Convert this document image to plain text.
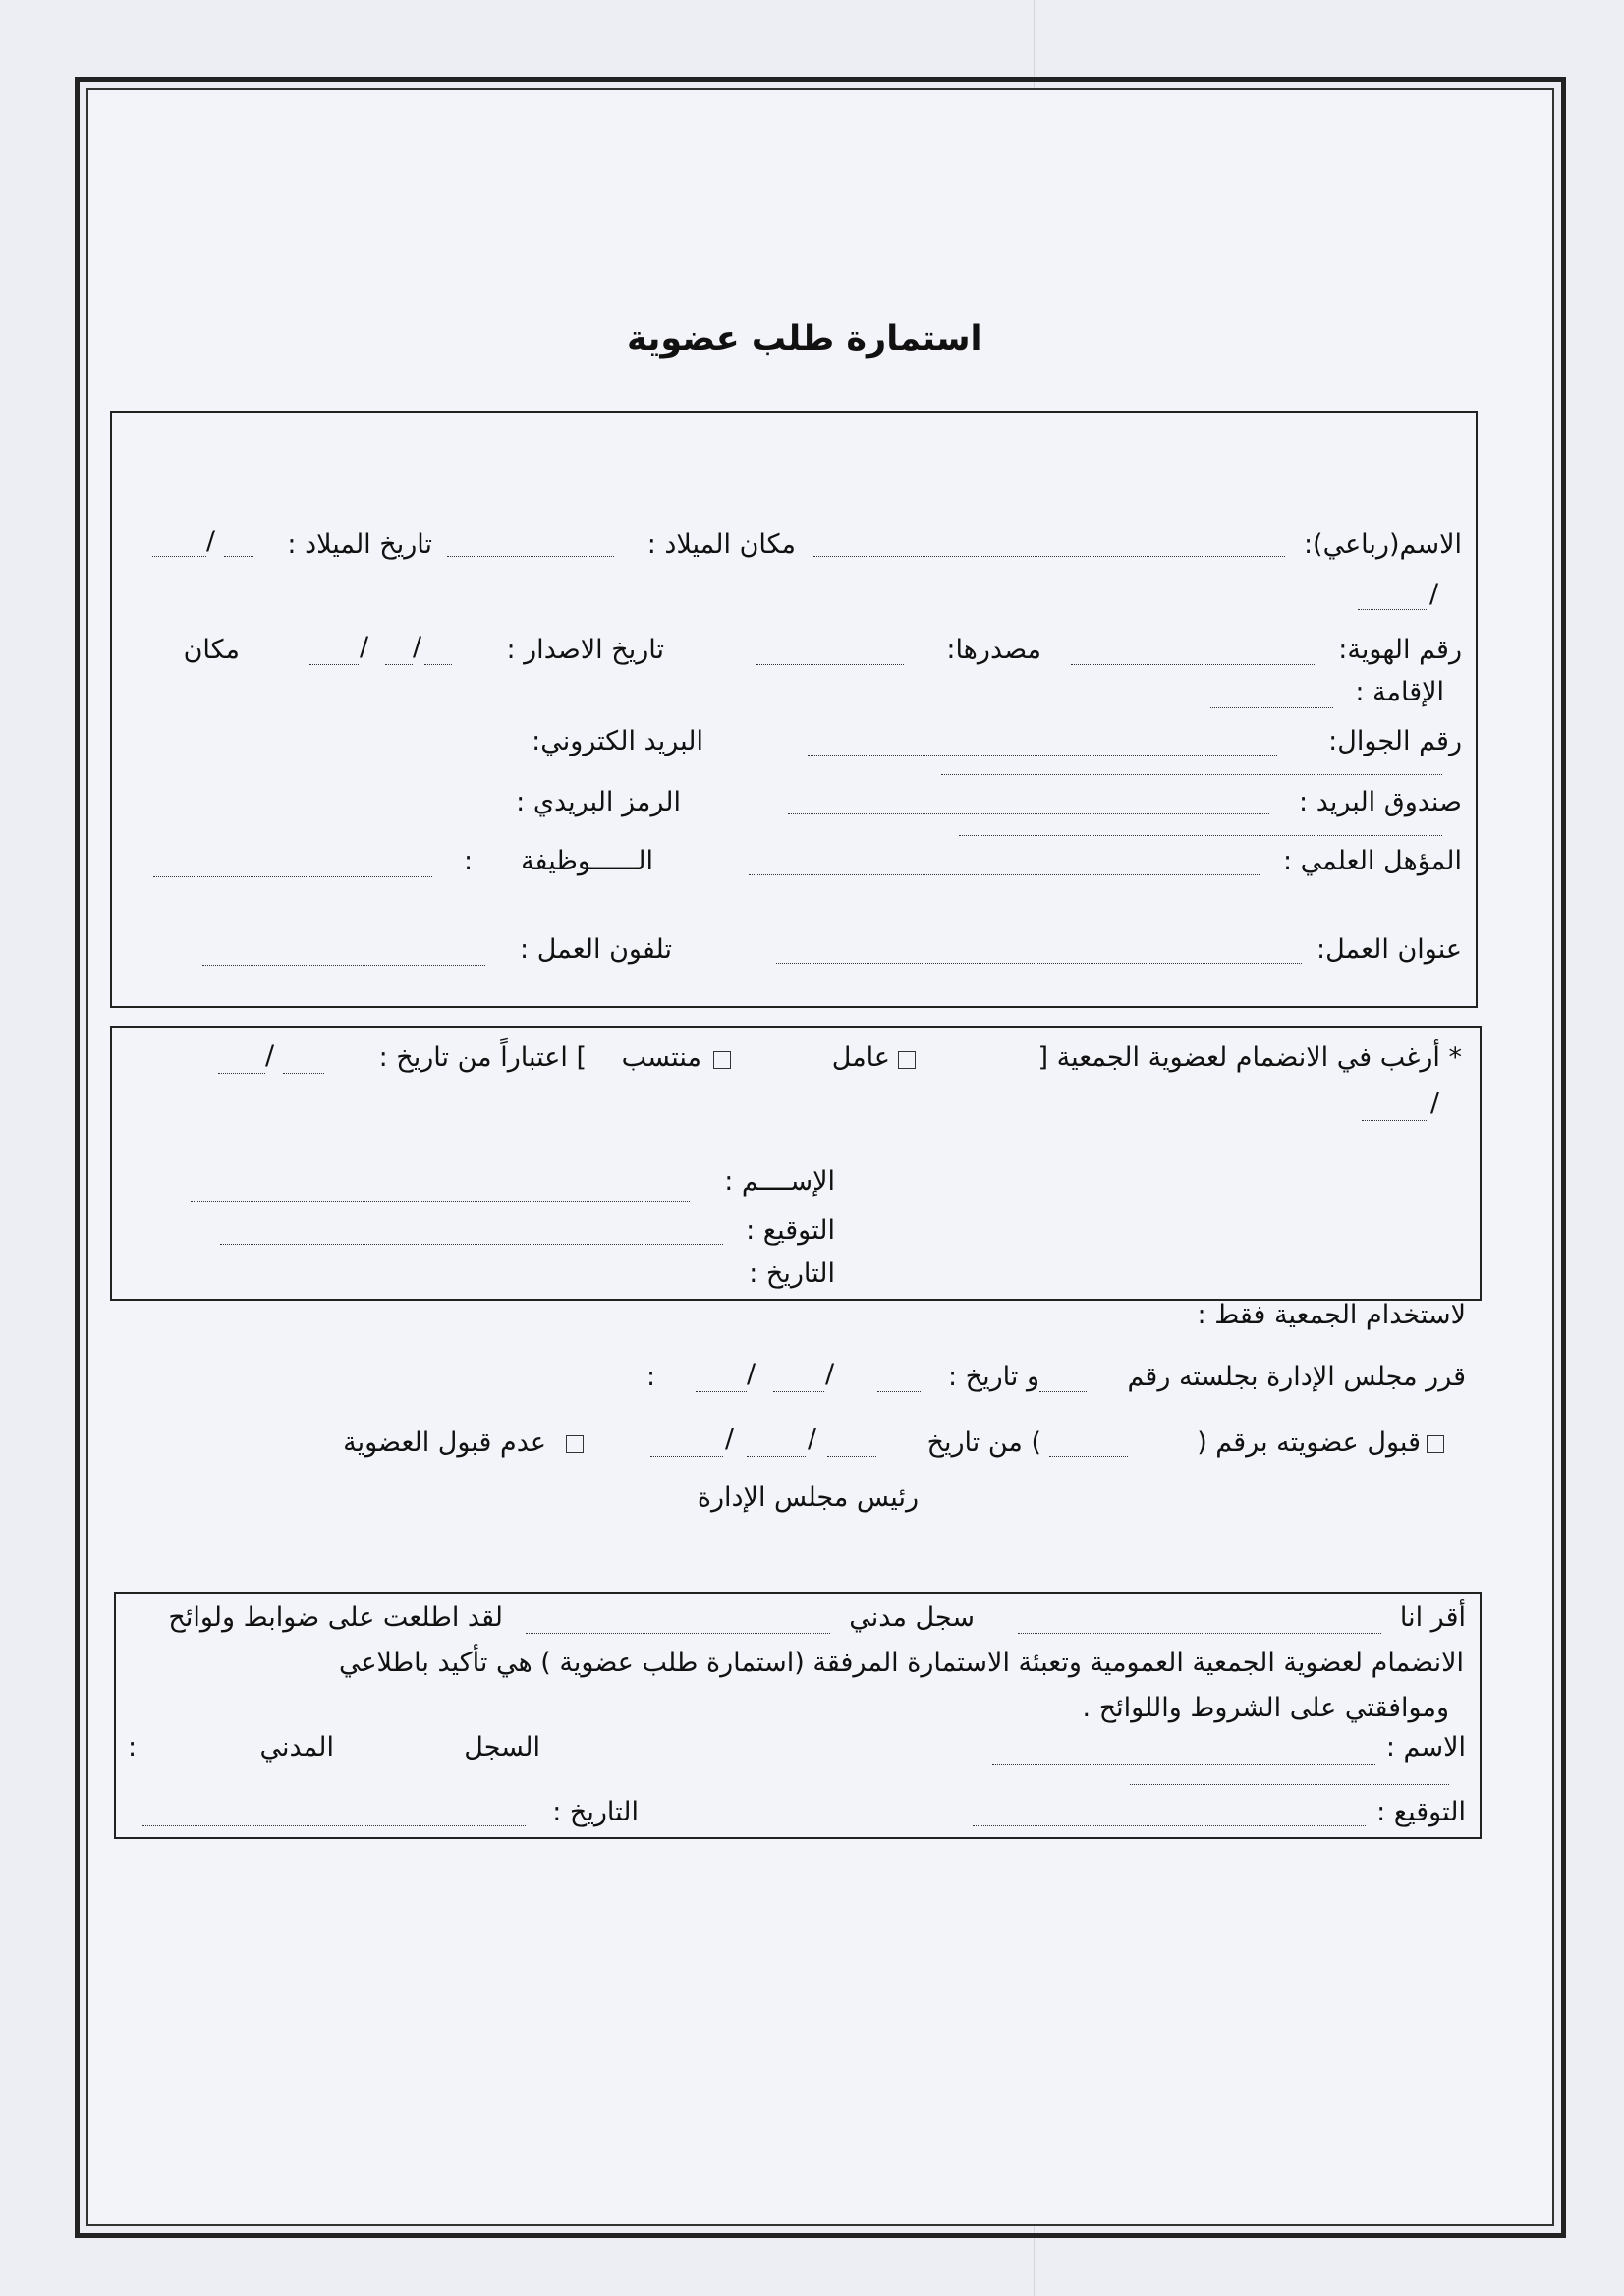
استمارة طلب عضوية
الاسم(رباعي):
مكان الميلاد :
تاريخ الميلاد :
/
/
رقم الهوية:
مصدرها:
تاريخ الاصدار :
/
/
مكان
الإقامة :
رقم الجوال:
البريد الكتروني:
صندوق البريد :
الرمز البريدي :
المؤهل العلمي :
الــــــوظيفة
:
عنوان العمل:
تلفون العمل :
* أرغب في الانضمام لعضوية الجمعية [
عامل
منتسب
] اعتباراً من تاريخ :
/
/
الإســــم :
التوقيع :
التاريخ :
لاستخدام الجمعية فقط :
قرر مجلس الإدارة بجلسته رقم
و تاريخ :
/
/
:
قبول عضويته برقم (
) من تاريخ
/
/
عدم قبول العضوية
رئيس مجلس الإدارة
أقر انا
سجل مدني
لقد اطلعت على ضوابط ولوائح
الانضمام لعضوية الجمعية العمومية وتعبئة الاستمارة المرفقة (استمارة طلب عضوية ) هي تأكيد باطلاعي
وموافقتي على الشروط واللوائح .
الاسم :
السجل
المدني
:
التوقيع :
التاريخ :
